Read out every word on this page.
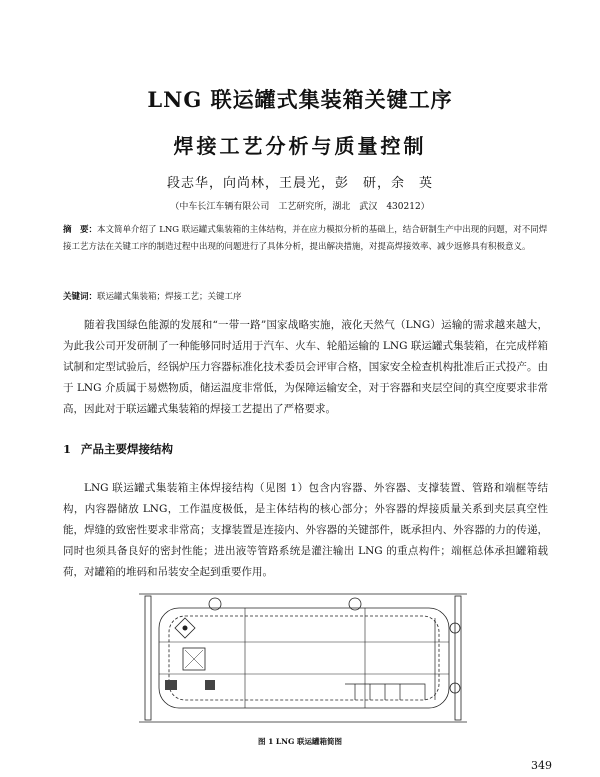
LNG 联运罐式集装箱关键工序
焊接工艺分析与质量控制
段志华，向尚林，王晨光，彭　研，余　英
（中车长江车辆有限公司　工艺研究所，湖北　武汉　430212）
摘　要：本文简单介绍了 LNG 联运罐式集装箱的主体结构，并在应力模拟分析的基础上，结合研制生产中出现的问题，对不同焊接工艺方法在关键工序的制造过程中出现的问题进行了具体分析，提出解决措施，对提高焊接效率、减少返修具有积极意义。
关键词：联运罐式集装箱；焊接工艺；关键工序
随着我国绿色能源的发展和“一带一路”国家战略实施，液化天然气（LNG）运输的需求越来越大，为此我公司开发研制了一种能够同时适用于汽车、火车、轮船运输的 LNG 联运罐式集装箱，在完成样箱试制和定型试验后，经锅炉压力容器标准化技术委员会评审合格，国家安全检查机构批准后正式投产。由于 LNG 介质属于易燃物质，储运温度非常低，为保障运输安全，对于容器和夹层空间的真空度要求非常高，因此对于联运罐式集装箱的焊接工艺提出了严格要求。
1 产品主要焊接结构
LNG 联运罐式集装箱主体焊接结构（见图 1）包含内容器、外容器、支撑装置、管路和端框等结构，内容器储放 LNG，工作温度极低，是主体结构的核心部分；外容器的焊接质量关系到夹层真空性能，焊缝的致密性要求非常高；支撑装置是连接内、外容器的关键部件，既承担内、外容器的力的传递，同时也须具备良好的密封性能；进出液等管路系统是灌注输出 LNG 的重点构件；端框总体承担罐箱载荷，对罐箱的堆码和吊装安全起到重要作用。
图 1 LNG 联运罐箱简图
349
